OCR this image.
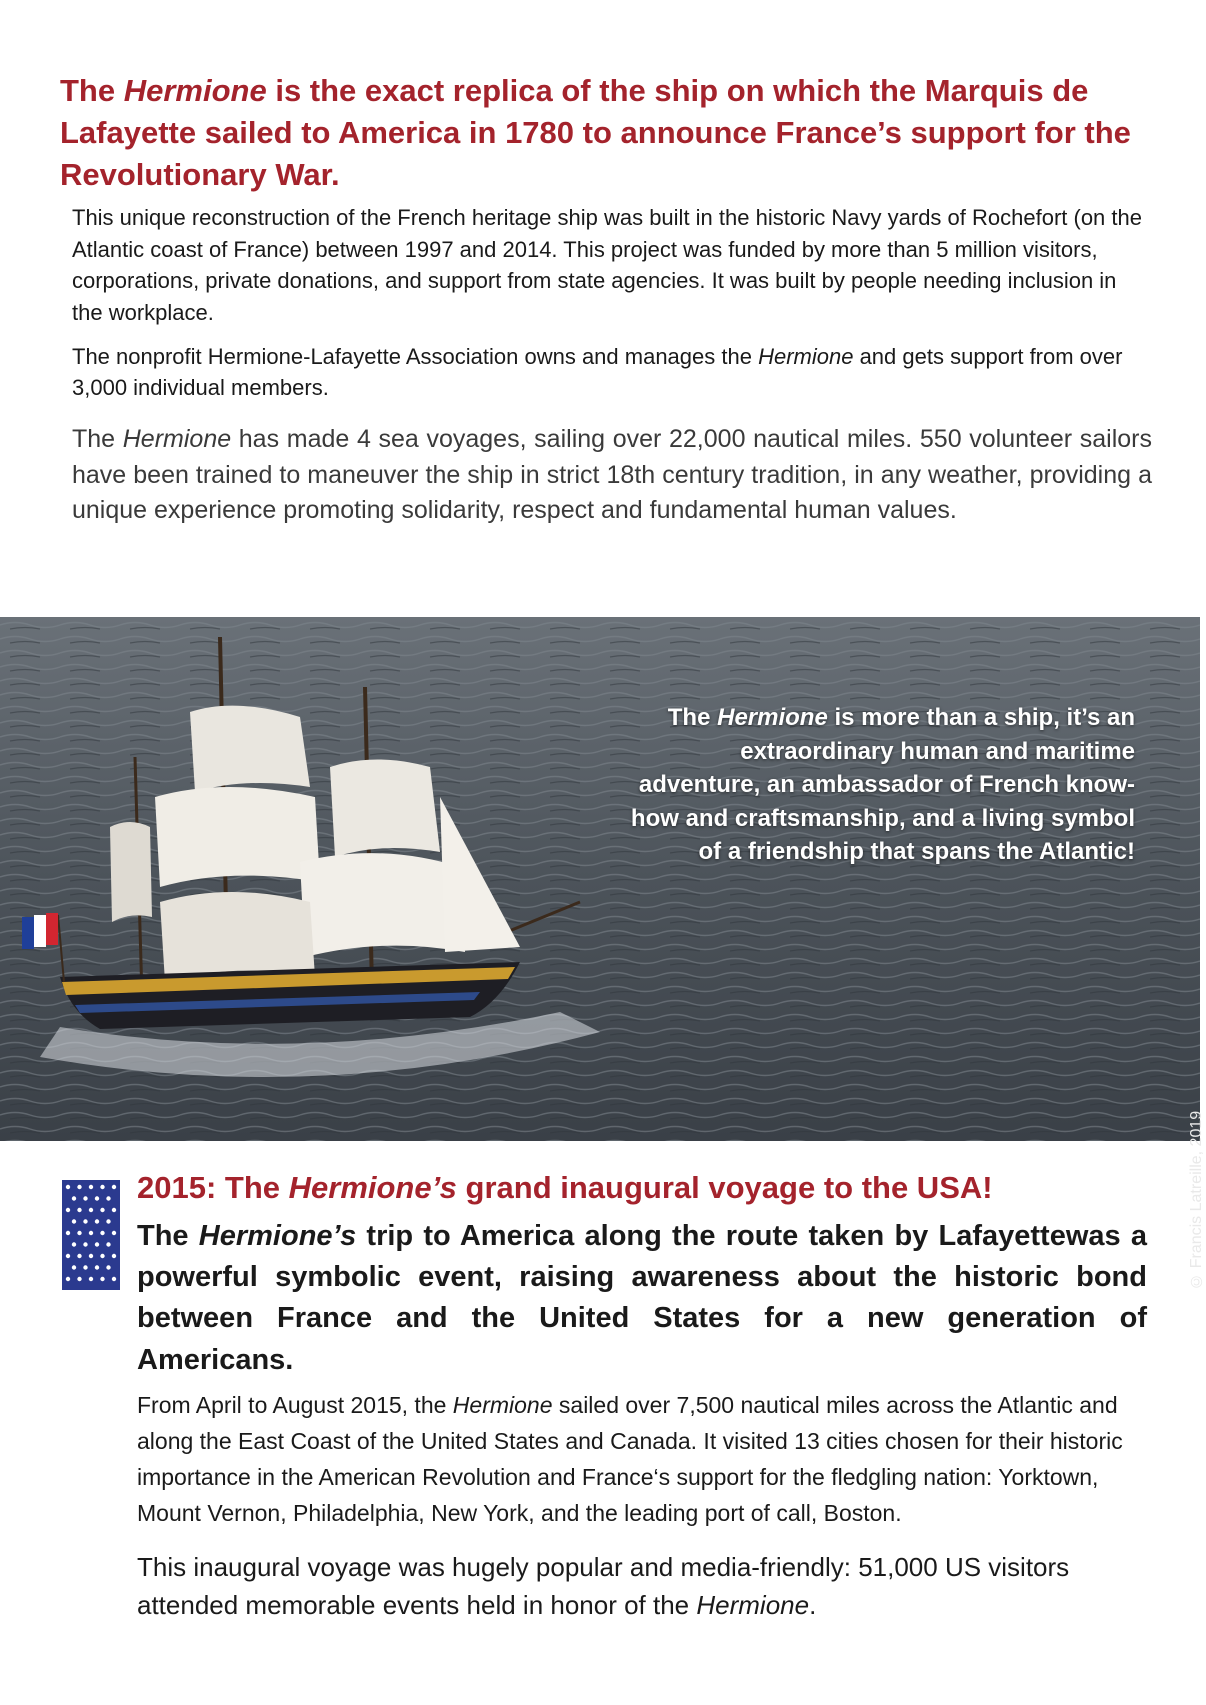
The Hermione is the exact replica of the ship on which the Marquis de Lafayette sailed to America in 1780 to announce France’s support for the Revolutionary War.

This unique reconstruction of the French heritage ship was built in the historic Navy yards of Rochefort (on the Atlantic coast of France) between 1997 and 2014. This project was funded by more than 5 million visitors, corporations, private donations, and support from state agencies. It was built by people needing inclusion in the workplace.

The nonprofit Hermione-Lafayette Association owns and manages the Hermione and gets support from over 3,000 individual members.

The Hermione has made 4 sea voyages, sailing over 22,000 nautical miles. 550 volunteer sailors have been trained to maneuver the ship in strict 18th century tradition, in any weather, providing a unique experience promoting solidarity, respect and fundamental human values.

The Hermione is more than a ship, it’s an extraordinary human and maritime adventure, an ambassador of French know-how and craftsmanship, and a living symbol of a friendship that spans the Atlantic!

© Francis Latreille, 2019
2015: The Hermione’s grand inaugural voyage to the USA!

The Hermione’s trip to America along the route taken by Lafayettewas a powerful symbolic event, raising awareness about the historic bond between France and the United States for a new generation of Americans.

From April to August 2015, the Hermione sailed over 7,500 nautical miles across the Atlantic and along the East Coast of the United States and Canada. It visited 13 cities chosen for their historic importance in the American Revolution and France‘s support for the fledgling nation: Yorktown, Mount Vernon, Philadelphia, New York, and the leading port of call, Boston.

This inaugural voyage was hugely popular and media-friendly: 51,000 US visitors attended memorable events held in honor of the Hermione.
